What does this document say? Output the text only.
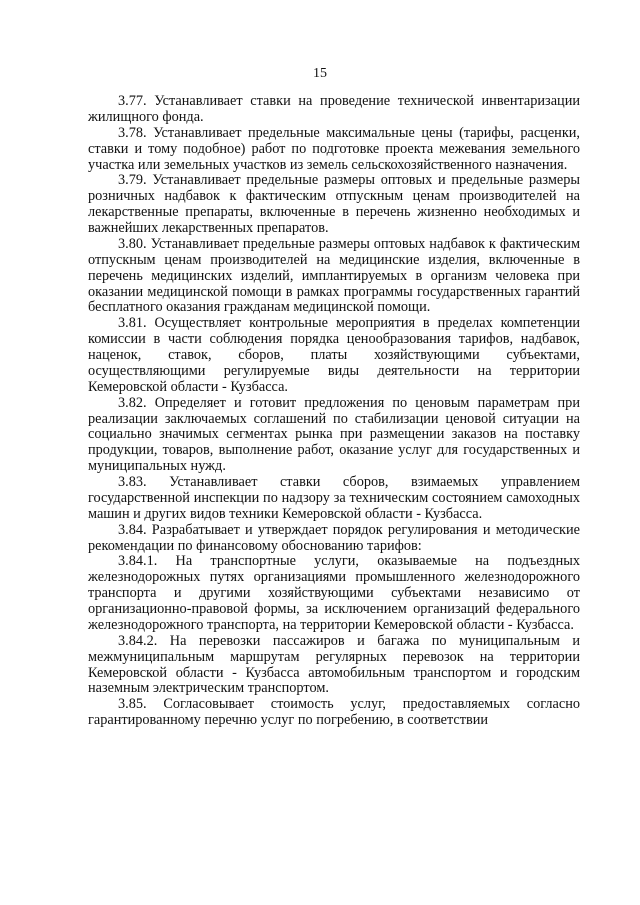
15

3.77. Устанавливает ставки на проведение технической инвентаризации жилищного фонда.

3.78. Устанавливает предельные максимальные цены (тарифы, расценки, ставки и тому подобное) работ по подготовке проекта межевания земельного участка или земельных участков из земель сельскохозяйственного назначения.

3.79. Устанавливает предельные размеры оптовых и предельные размеры розничных надбавок к фактическим отпускным ценам производителей на лекарственные препараты, включенные в перечень жизненно необходимых и важнейших лекарственных препаратов.

3.80. Устанавливает предельные размеры оптовых надбавок к фактическим отпускным ценам производителей на медицинские изделия, включенные в перечень медицинских изделий, имплантируемых в организм человека при оказании медицинской помощи в рамках программы государственных гарантий бесплатного оказания гражданам медицинской помощи.

3.81. Осуществляет контрольные мероприятия в пределах компетенции комиссии в части соблюдения порядка ценообразования тарифов, надбавок, наценок, ставок, сборов, платы хозяйствующими субъектами, осуществляющими регулируемые виды деятельности на территории Кемеровской области - Кузбасса.

3.82. Определяет и готовит предложения по ценовым параметрам при реализации заключаемых соглашений по стабилизации ценовой ситуации на социально значимых сегментах рынка при размещении заказов на поставку продукции, товаров, выполнение работ, оказание услуг для государственных и муниципальных нужд.

3.83. Устанавливает ставки сборов, взимаемых управлением государственной инспекции по надзору за техническим состоянием самоходных машин и других видов техники Кемеровской области - Кузбасса.

3.84. Разрабатывает и утверждает порядок регулирования и методические рекомендации по финансовому обоснованию тарифов:

3.84.1. На транспортные услуги, оказываемые на подъездных железнодорожных путях организациями промышленного железнодорожного транспорта и другими хозяйствующими субъектами независимо от организационно-правовой формы, за исключением организаций федерального железнодорожного транспорта, на территории Кемеровской области - Кузбасса.

3.84.2. На перевозки пассажиров и багажа по муниципальным и межмуниципальным маршрутам регулярных перевозок на территории Кемеровской области - Кузбасса автомобильным транспортом и городским наземным электрическим транспортом.

3.85. Согласовывает стоимость услуг, предоставляемых согласно гарантированному перечню услуг по погребению, в соответствии
